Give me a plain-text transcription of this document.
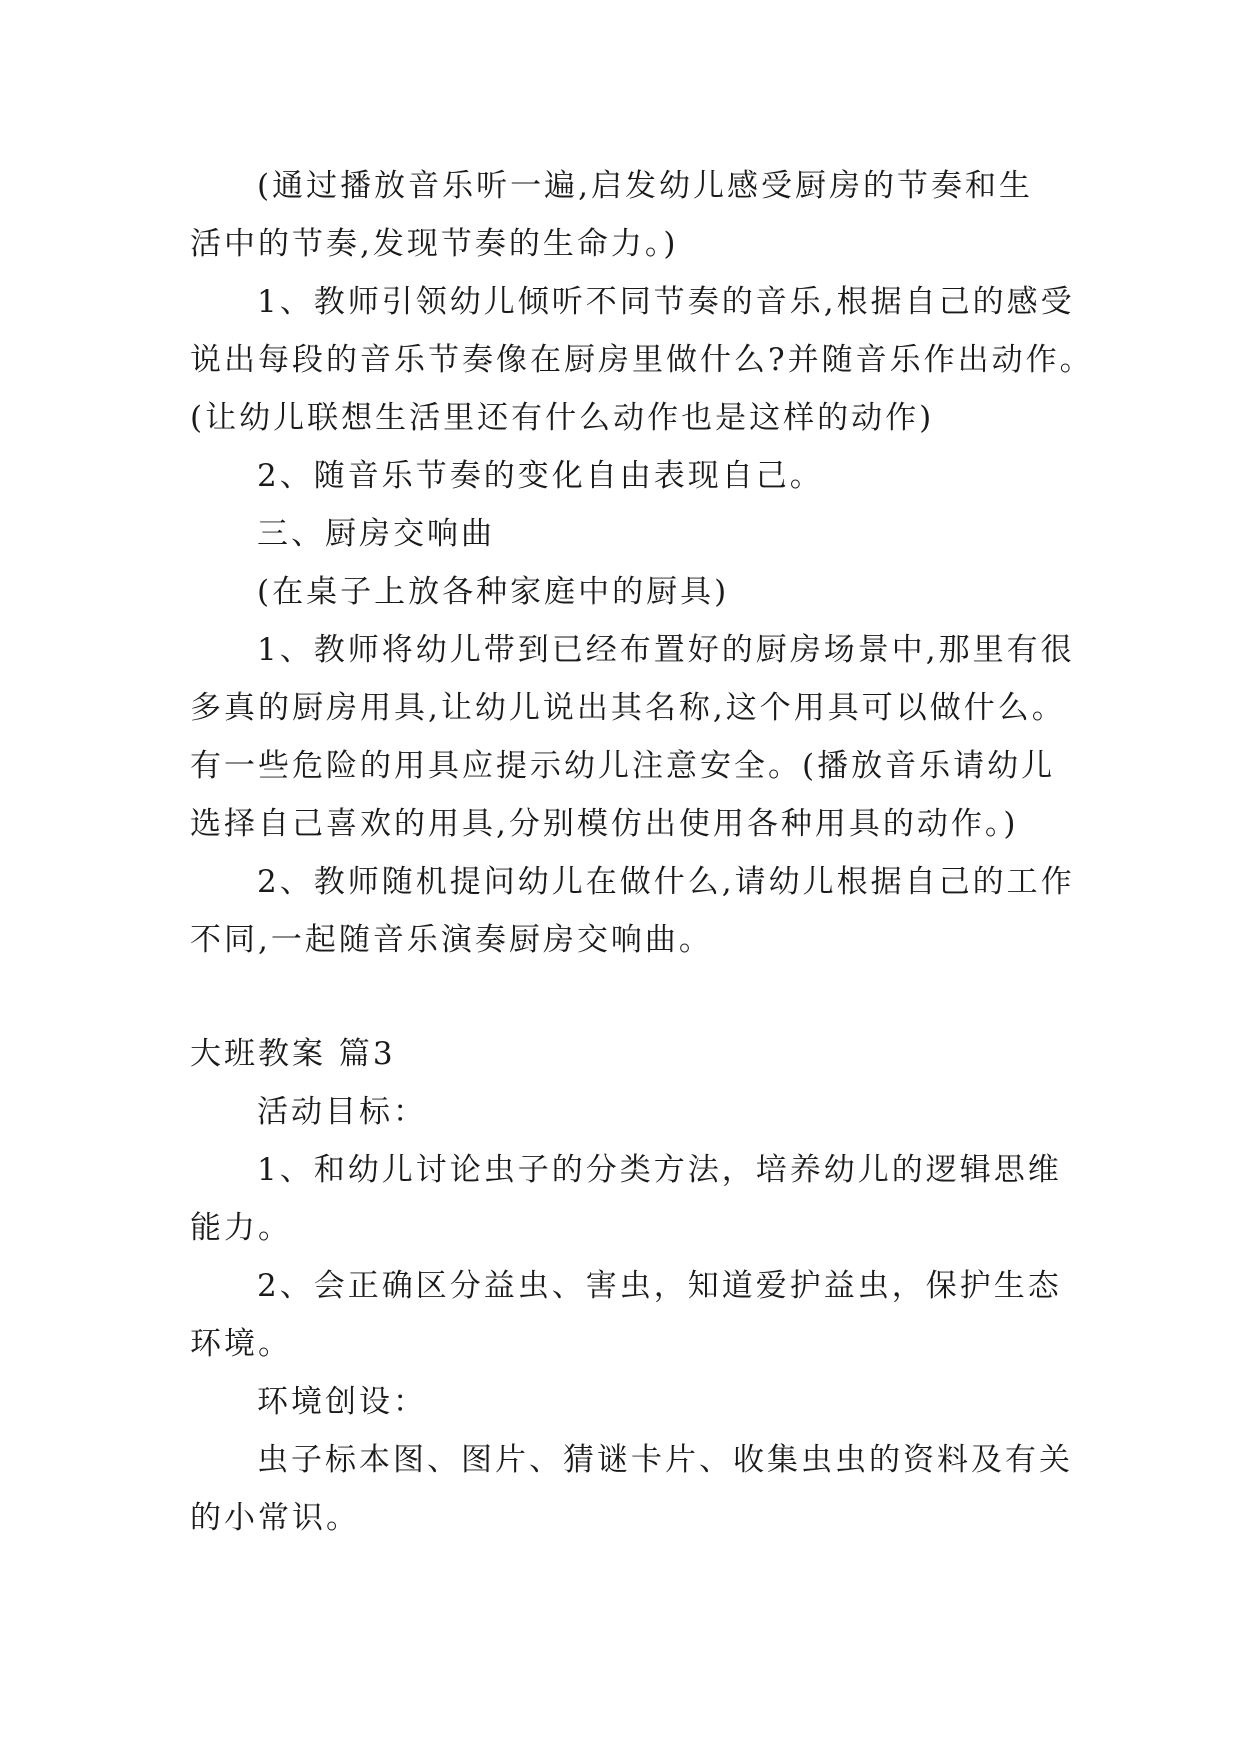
(通过播放音乐听一遍,启发幼儿感受厨房的节奏和生
活中的节奏,发现节奏的生命力。)
1、教师引领幼儿倾听不同节奏的音乐,根据自己的感受
说出每段的音乐节奏像在厨房里做什么?并随音乐作出动作。
(让幼儿联想生活里还有什么动作也是这样的动作)
2、随音乐节奏的变化自由表现自己。
三、厨房交响曲
(在桌子上放各种家庭中的厨具)
1、教师将幼儿带到已经布置好的厨房场景中,那里有很
多真的厨房用具,让幼儿说出其名称,这个用具可以做什么。
有一些危险的用具应提示幼儿注意安全。(播放音乐请幼儿
选择自己喜欢的用具,分别模仿出使用各种用具的动作。)
2、教师随机提问幼儿在做什么,请幼儿根据自己的工作
不同,一起随音乐演奏厨房交响曲。
大班教案 篇3
活动目标：
1、和幼儿讨论虫子的分类方法，培养幼儿的逻辑思维
能力。
2、会正确区分益虫、害虫，知道爱护益虫，保护生态
环境。
环境创设：
虫子标本图、图片、猜谜卡片、收集虫虫的资料及有关
的小常识。
